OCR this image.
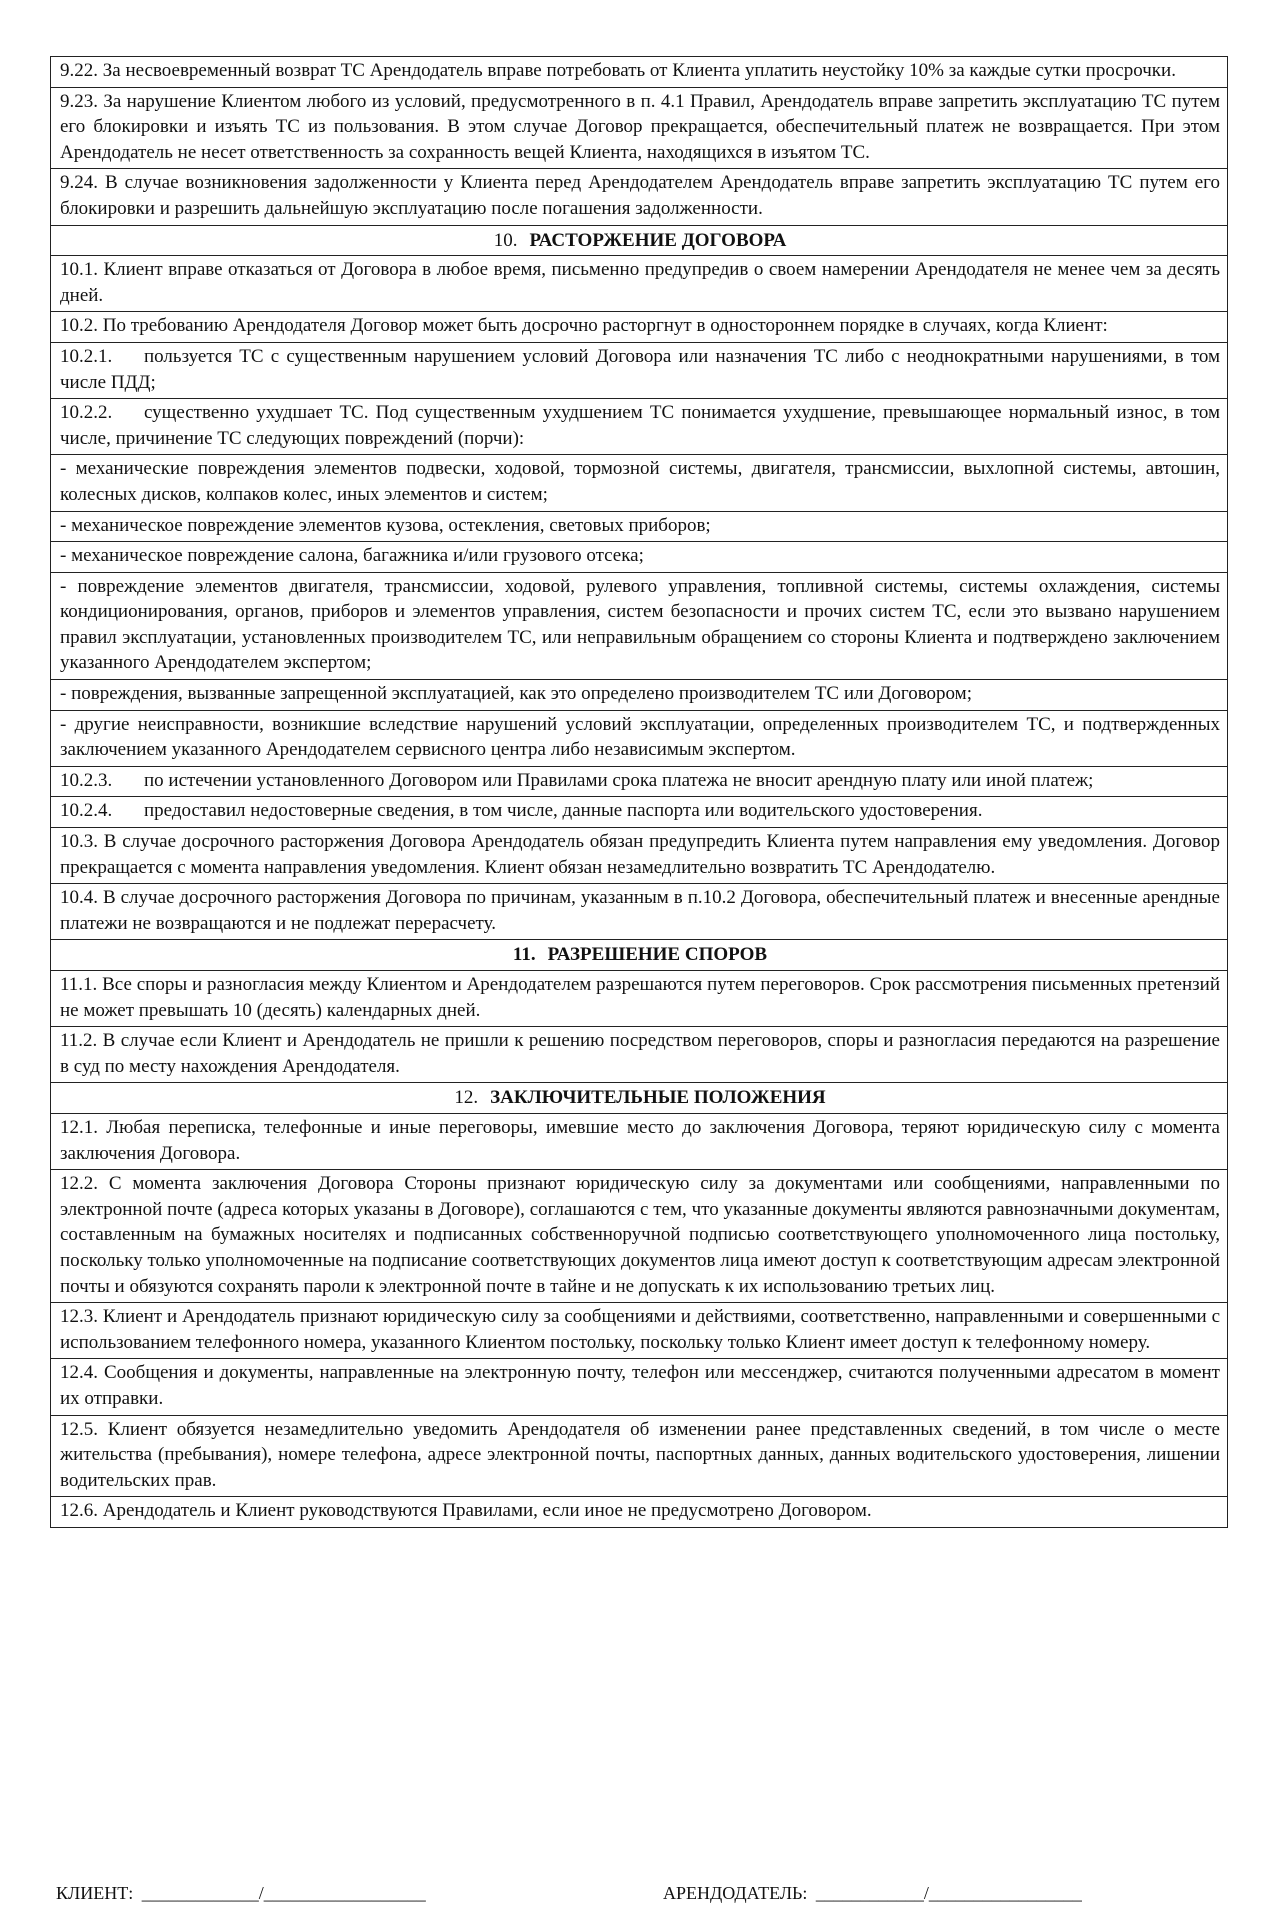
9.22. За несвоевременный возврат ТС Арендодатель вправе потребовать от Клиента уплатить неустойку 10% за каждые сутки просрочки.
9.23. За нарушение Клиентом любого из условий, предусмотренного в п. 4.1 Правил, Арендодатель вправе запретить эксплуатацию ТС путем его блокировки и изъять ТС из пользования. В этом случае Договор прекращается, обеспечительный платеж не возвращается. При этом Арендодатель не несет ответственность за сохранность вещей Клиента, находящихся в изъятом ТС.
9.24. В случае возникновения задолженности у Клиента перед Арендодателем Арендодатель вправе запретить эксплуатацию ТС путем его блокировки и разрешить дальнейшую эксплуатацию после погашения задолженности.
10. РАСТОРЖЕНИЕ ДОГОВОРА
10.1. Клиент вправе отказаться от Договора в любое время, письменно предупредив о своем намерении Арендодателя не менее чем за десять дней.
10.2. По требованию Арендодателя Договор может быть досрочно расторгнут в одностороннем порядке в случаях, когда Клиент:
10.2.1. пользуется ТС с существенным нарушением условий Договора или назначения ТС либо с неоднократными нарушениями, в том числе ПДД;
10.2.2. существенно ухудшает ТС. Под существенным ухудшением ТС понимается ухудшение, превышающее нормальный износ, в том числе, причинение ТС следующих повреждений (порчи):
- механические повреждения элементов подвески, ходовой, тормозной системы, двигателя, трансмиссии, выхлопной системы, автошин, колесных дисков, колпаков колес, иных элементов и систем;
- механическое повреждение элементов кузова, остекления, световых приборов;
- механическое повреждение салона, багажника и/или грузового отсека;
- повреждение элементов двигателя, трансмиссии, ходовой, рулевого управления, топливной системы, системы охлаждения, системы кондиционирования, органов, приборов и элементов управления, систем безопасности и прочих систем ТС, если это вызвано нарушением правил эксплуатации, установленных производителем ТС, или неправильным обращением со стороны Клиента и подтверждено заключением указанного Арендодателем экспертом;
- повреждения, вызванные запрещенной эксплуатацией, как это определено производителем ТС или Договором;
- другие неисправности, возникшие вследствие нарушений условий эксплуатации, определенных производителем ТС, и подтвержденных заключением указанного Арендодателем сервисного центра либо независимым экспертом.
10.2.3. по истечении установленного Договором или Правилами срока платежа не вносит арендную плату или иной платеж;
10.2.4. предоставил недостоверные сведения, в том числе, данные паспорта или водительского удостоверения.
10.3. В случае досрочного расторжения Договора Арендодатель обязан предупредить Клиента путем направления ему уведомления. Договор прекращается с момента направления уведомления. Клиент обязан незамедлительно возвратить ТС Арендодателю.
10.4. В случае досрочного расторжения Договора по причинам, указанным в п.10.2 Договора, обеспечительный платеж и внесенные арендные платежи не возвращаются и не подлежат перерасчету.
11. РАЗРЕШЕНИЕ СПОРОВ
11.1. Все споры и разногласия между Клиентом и Арендодателем разрешаются путем переговоров. Срок рассмотрения письменных претензий не может превышать 10 (десять) календарных дней.
11.2. В случае если Клиент и Арендодатель не пришли к решению посредством переговоров, споры и разногласия передаются на разрешение в суд по месту нахождения Арендодателя.
12. ЗАКЛЮЧИТЕЛЬНЫЕ ПОЛОЖЕНИЯ
12.1. Любая переписка, телефонные и иные переговоры, имевшие место до заключения Договора, теряют юридическую силу с момента заключения Договора.
12.2. С момента заключения Договора Стороны признают юридическую силу за документами или сообщениями, направленными по электронной почте (адреса которых указаны в Договоре), соглашаются с тем, что указанные документы являются равнозначными документам, составленным на бумажных носителях и подписанных собственноручной подписью соответствующего уполномоченного лица постольку, поскольку только уполномоченные на подписание соответствующих документов лица имеют доступ к соответствующим адресам электронной почты и обязуются сохранять пароли к электронной почте в тайне и не допускать к их использованию третьих лиц.
12.3. Клиент и Арендодатель признают юридическую силу за сообщениями и действиями, соответственно, направленными и совершенными с использованием телефонного номера, указанного Клиентом постольку, поскольку только Клиент имеет доступ к телефонному номеру.
12.4. Сообщения и документы, направленные на электронную почту, телефон или мессенджер, считаются полученными адресатом в момент их отправки.
12.5. Клиент обязуется незамедлительно уведомить Арендодателя об изменении ранее представленных сведений, в том числе о месте жительства (пребывания), номере телефона, адресе электронной почты, паспортных данных, данных водительского удостоверения, лишении водительских прав.
12.6. Арендодатель и Клиент руководствуются Правилами, если иное не предусмотрено Договором.
КЛИЕНТ: _____________/__________________	АРЕНДОДАТЕЛЬ: ____________/_________________
